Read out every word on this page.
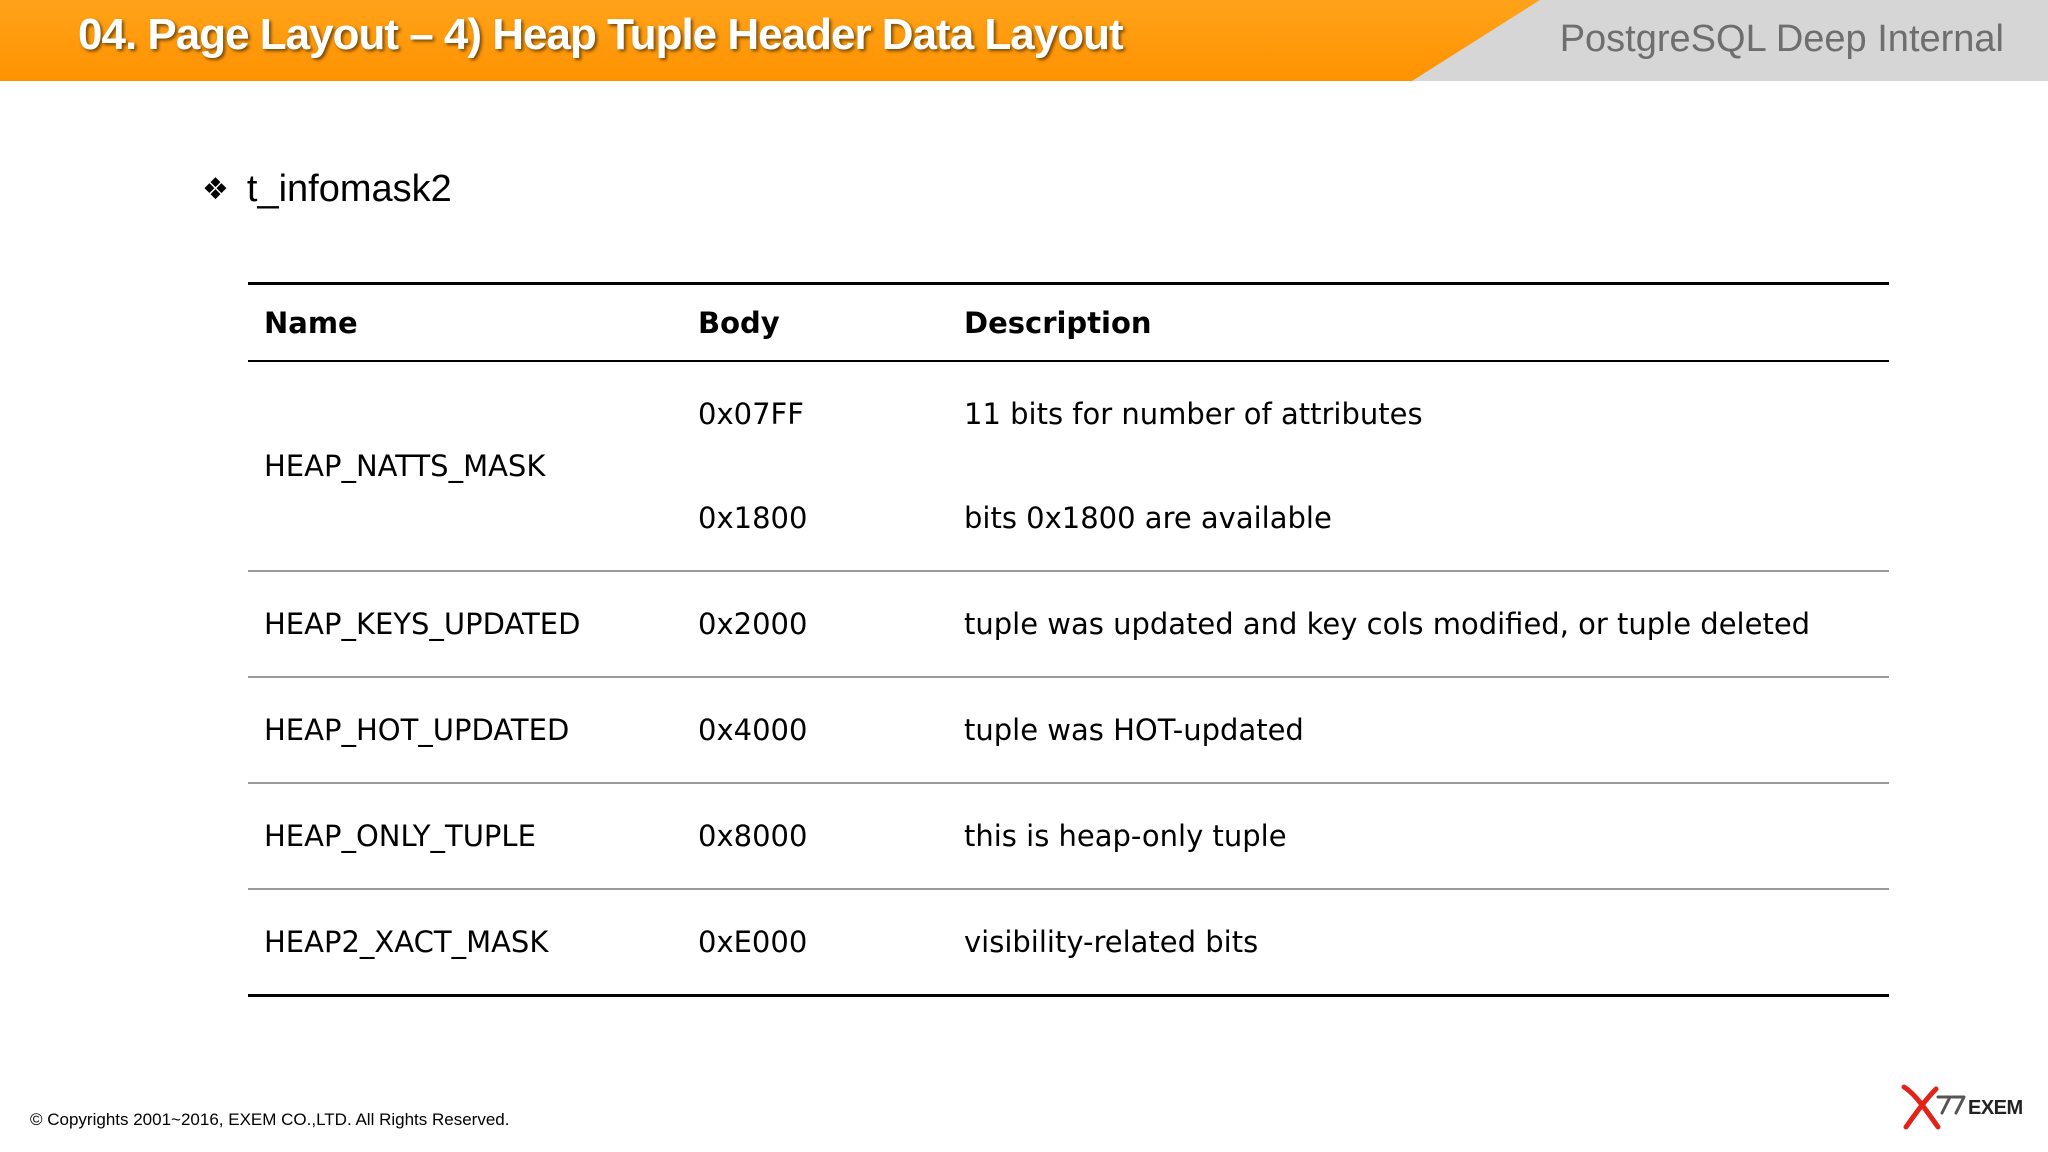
04. Page Layout – 4) Heap Tuple Header Data Layout	PostgreSQL Deep Internal
❖ t_infomask2
Name	Body	Description
HEAP_NATTS_MASK	0x07FF	11 bits for number of attributes
	0x1800	bits 0x1800 are available
HEAP_KEYS_UPDATED	0x2000	tuple was updated and key cols modified, or tuple deleted
HEAP_HOT_UPDATED	0x4000	tuple was HOT-updated
HEAP_ONLY_TUPLE	0x8000	this is heap-only tuple
HEAP2_XACT_MASK	0xE000	visibility-related bits
© Copyrights 2001~2016, EXEM CO.,LTD. All Rights Reserved.
EXEM
